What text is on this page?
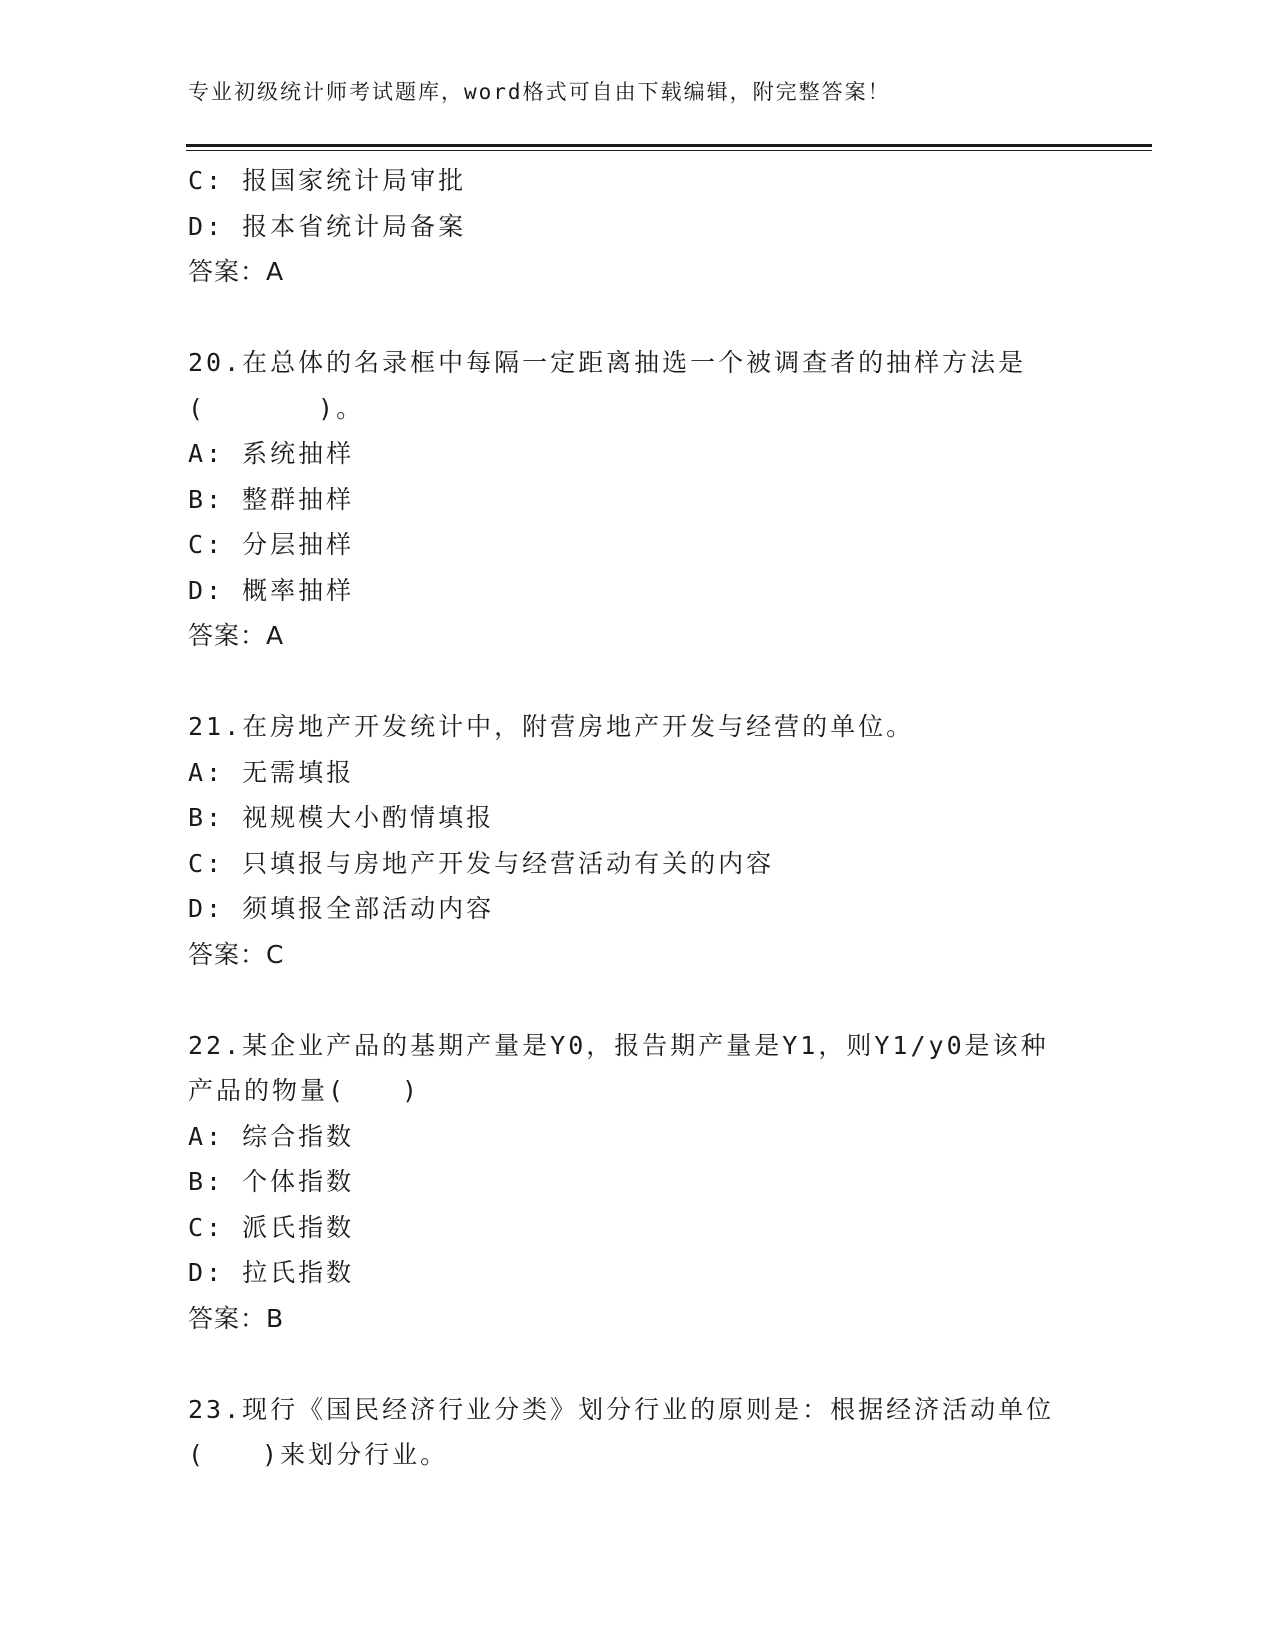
专业初级统计师考试题库，word格式可自由下载编辑，附完整答案！
C: 报国家统计局审批
D: 报本省统计局备案
答案：A
20.在总体的名录框中每隔一定距离抽选一个被调查者的抽样方法是
(　　　　)。
A: 系统抽样
B: 整群抽样
C: 分层抽样
D: 概率抽样
答案：A
21.在房地产开发统计中，附营房地产开发与经营的单位。
A: 无需填报
B: 视规模大小酌情填报
C: 只填报与房地产开发与经营活动有关的内容
D: 须填报全部活动内容
答案：C
22.某企业产品的基期产量是Y0，报告期产量是Y1，则Y1/y0是该种
产品的物量(　　)
A: 综合指数
B: 个体指数
C: 派氏指数
D: 拉氏指数
答案：B
23.现行《国民经济行业分类》划分行业的原则是：根据经济活动单位
(　　)来划分行业。
